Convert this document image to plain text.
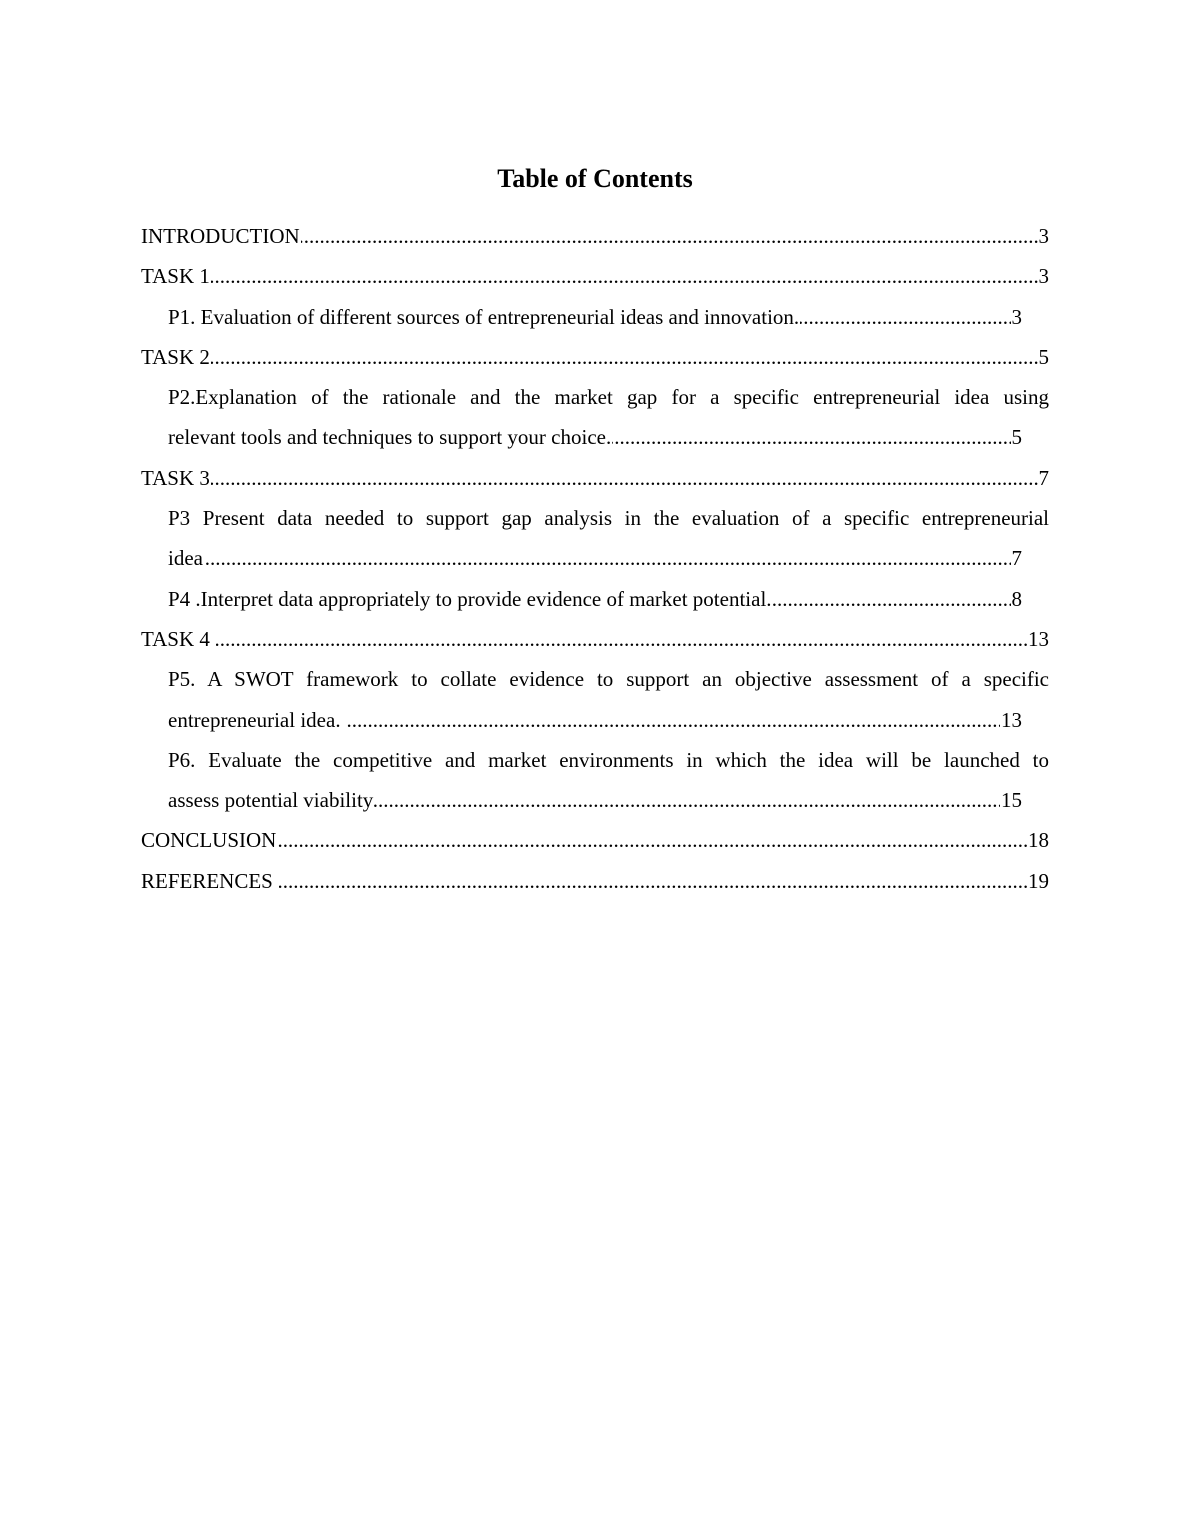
Table of Contents
.....
INTRODUCTION	3
.....
TASK 1	3
.....
P1. Evaluation of different sources of entrepreneurial ideas and innovation.	3
.....
TASK 2	5
P2.Explanation of the rationale and the market gap for a specific entrepreneurial idea using
.....
relevant tools and techniques to support your choice.	5
.....
TASK 3	7
P3 Present data needed to support gap analysis in the evaluation of a specific entrepreneurial
.....
idea	7
.....
P4 .Interpret data appropriately to provide evidence of market potential.	8
.....
TASK 4	13
P5. A SWOT framework to collate evidence to support an objective assessment of a specific
.....
entrepreneurial idea.	13
P6. Evaluate the competitive and market environments in which the idea will be launched to
.....
assess potential viability	15
.....
CONCLUSION	18
.....
REFERENCES	19
